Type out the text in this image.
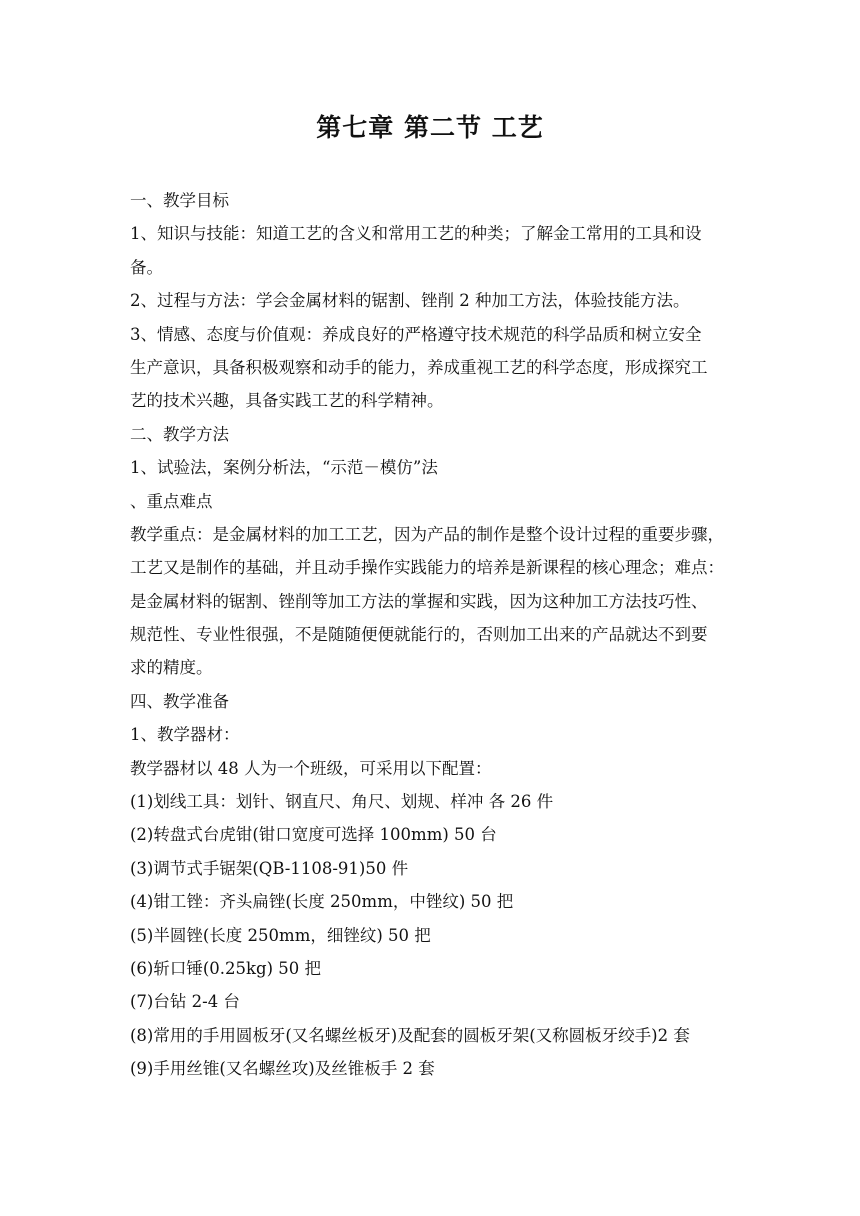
第七章 第二节 工艺
一、教学目标
1、知识与技能：知道工艺的含义和常用工艺的种类；了解金工常用的工具和设
备。
2、过程与方法：学会金属材料的锯割、锉削 2 种加工方法，体验技能方法。
3、情感、态度与价值观：养成良好的严格遵守技术规范的科学品质和树立安全
生产意识，具备积极观察和动手的能力，养成重视工艺的科学态度，形成探究工
艺的技术兴趣，具备实践工艺的科学精神。
二、教学方法
1、试验法，案例分析法，“示范－模仿”法
、重点难点
教学重点：是金属材料的加工工艺，因为产品的制作是整个设计过程的重要步骤，
工艺又是制作的基础，并且动手操作实践能力的培养是新课程的核心理念；难点：
是金属材料的锯割、锉削等加工方法的掌握和实践，因为这种加工方法技巧性、
规范性、专业性很强，不是随随便便就能行的，否则加工出来的产品就达不到要
求的精度。
四、教学准备
1、教学器材：
教学器材以 48 人为一个班级，可采用以下配置：
(1)划线工具：划针、钢直尺、角尺、划规、样冲 各 26 件
(2)转盘式台虎钳(钳口宽度可选择 100mm) 50 台
(3)调节式手锯架(QB-1108-91)50 件
(4)钳工锉：齐头扁锉(长度 250mm，中锉纹) 50 把
(5)半圆锉(长度 250mm，细锉纹) 50 把
(6)斩口锤(0.25kg) 50 把
(7)台钻 2-4 台
(8)常用的手用圆板牙(又名螺丝板牙)及配套的圆板牙架(又称圆板牙绞手)2 套
(9)手用丝锥(又名螺丝攻)及丝锥板手 2 套
